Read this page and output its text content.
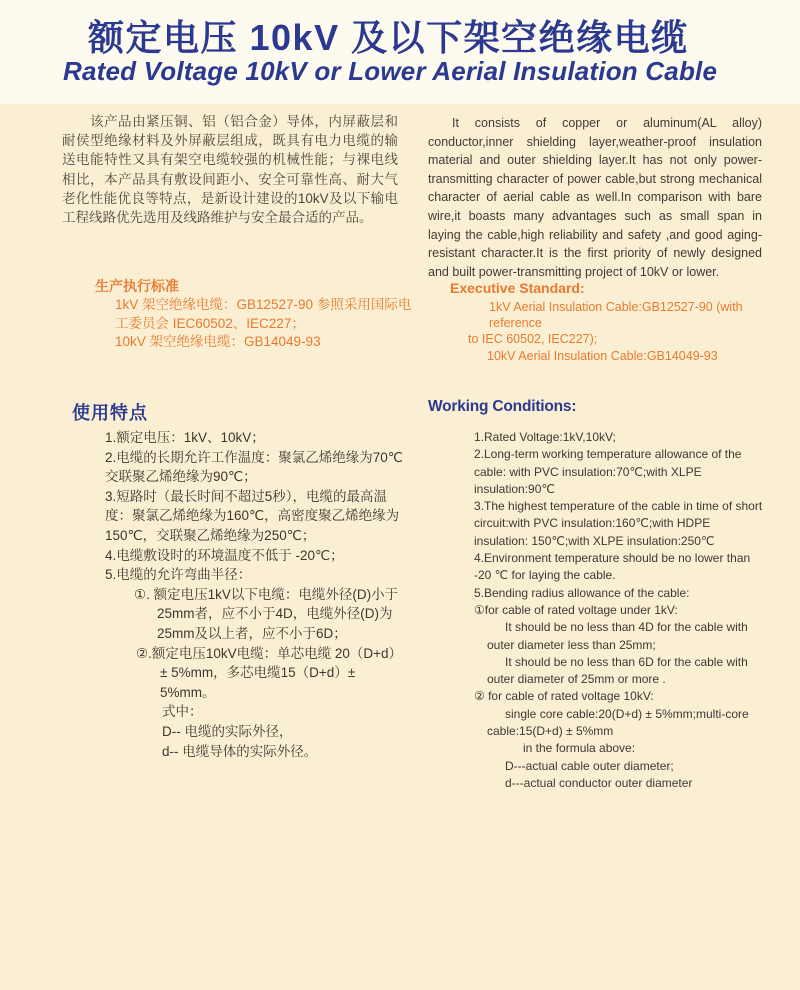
额定电压 10kV 及以下架空绝缘电缆
Rated Voltage 10kV or Lower Aerial Insulation Cable

该产品由紧压铜、铝（铝合金）导体，内屏蔽层和耐侯型绝缘材料及外屏蔽层组成，既具有电力电缆的输送电能特性又具有架空电缆较强的机械性能；与裸电线相比，本产品具有敷设间距小、安全可靠性高、耐大气老化性能优良等特点，是新设计建设的10kV及以下输电工程线路优先选用及线路维护与安全最合适的产品。

It consists of copper or aluminum(AL alloy) conductor,inner shielding layer,weather-proof insulation material and outer shielding layer.It has not only power-transmitting character of power cable,but strong mechanical character of aerial cable as well.In comparison with bare wire,it boasts many advantages such as small span in laying the cable,high reliability and safety ,and good aging-resistant character.It is the first priority of newly designed and built power-transmitting project of 10kV or lower.

生产执行标准

1kV 架空绝缘电缆：GB12527-90 参照采用国际电工委员会 IEC60502、IEC227；

10kV 架空绝缘电缆：GB14049-93

Executive Standard:

1kV Aerial Insulation Cable:GB12527-90 (with reference

to IEC 60502, IEC227);

10kV Aerial Insulation Cable:GB14049-93

使用特点

1.额定电压：1kV、10kV；

2.电缆的长期允许工作温度：聚氯乙烯绝缘为70℃ 交联聚乙烯绝缘为90℃；

3.短路时（最长时间不超过5秒），电缆的最高温度：聚氯乙烯绝缘为160℃，高密度聚乙烯绝缘为150℃，交联聚乙烯绝缘为250℃；

4.电缆敷设时的环境温度不低于 -20℃；

5.电缆的允许弯曲半径：

①. 额定电压1kV以下电缆：电缆外径(D)小于25mm者，应不小于4D，电缆外径(D)为25mm及以上者，应不小于6D；

②.额定电压10kV电缆：单芯电缆 20（D+d）± 5%mm，多芯电缆15（D+d）± 5%mm。

式中：

D-- 电缆的实际外径，

d-- 电缆导体的实际外径。

Working Conditions:

1.Rated Voltage:1kV,10kV;

2.Long-term working temperature allowance of the cable: with PVC insulation:70℃;with XLPE insulation:90℃

3.The highest temperature of the cable in time of short circuit:with PVC insulation:160℃;with HDPE insulation: 150℃;with XLPE insulation:250℃

4.Environment temperature should be no lower than -20 ℃ for laying the cable.

5.Bending radius allowance of the cable:

①for cable of rated voltage under 1kV:

It should be no less than 4D for the cable with outer diameter less than 25mm;

It should be no less than 6D for the cable with outer diameter of 25mm or more .

② for cable of rated voltage 10kV:

single core cable:20(D+d) ± 5%mm;multi-core cable:15(D+d) ± 5%mm

in the formula above:

D---actual cable outer diameter;

d---actual conductor outer diameter
